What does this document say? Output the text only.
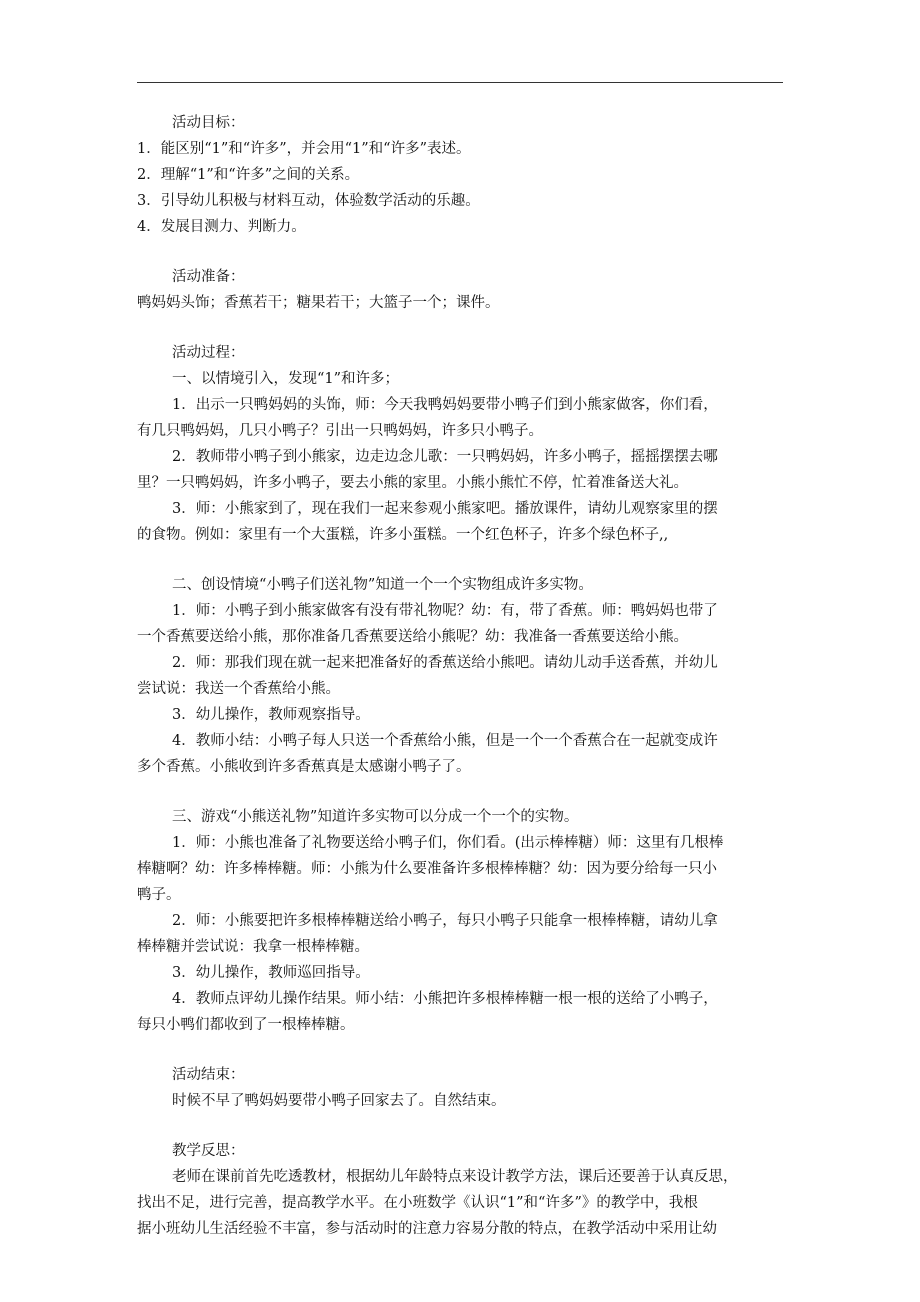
活动目标：

1．能区别“1”和“许多”，并会用“1”和“许多”表述。

2．理解“1”和“许多”之间的关系。

3．引导幼儿积极与材料互动，体验数学活动的乐趣。

4．发展目测力、判断力。

活动准备：

鸭妈妈头饰；香蕉若干；糖果若干；大篮子一个；课件。

活动过程：

一、以情境引入，发现“1”和许多；

1．出示一只鸭妈妈的头饰，师：今天我鸭妈妈要带小鸭子们到小熊家做客，你们看，

有几只鸭妈妈，几只小鸭子？引出一只鸭妈妈，许多只小鸭子。

2．教师带小鸭子到小熊家，边走边念儿歌：一只鸭妈妈，许多小鸭子，摇摇摆摆去哪

里？一只鸭妈妈，许多小鸭子，要去小熊的家里。小熊小熊忙不停，忙着准备送大礼。

3．师：小熊家到了，现在我们一起来参观小熊家吧。播放课件，请幼儿观察家里的摆

的食物。例如：家里有一个大蛋糕，许多小蛋糕。一个红色杯子，许多个绿色杯子,,

二、创设情境“小鸭子们送礼物”知道一个一个实物组成许多实物。

1．师：小鸭子到小熊家做客有没有带礼物呢？幼：有，带了香蕉。师：鸭妈妈也带了

一个香蕉要送给小熊，那你准备几香蕉要送给小熊呢？幼：我准备一香蕉要送给小熊。

2．师：那我们现在就一起来把准备好的香蕉送给小熊吧。请幼儿动手送香蕉，并幼儿

尝试说：我送一个香蕉给小熊。

3．幼儿操作，教师观察指导。

4．教师小结：小鸭子每人只送一个香蕉给小熊，但是一个一个香蕉合在一起就变成许

多个香蕉。小熊收到许多香蕉真是太感谢小鸭子了。

三、游戏“小熊送礼物”知道许多实物可以分成一个一个的实物。

1．师：小熊也准备了礼物要送给小鸭子们，你们看。(出示棒棒糖）师：这里有几根棒

棒糖啊？幼：许多棒棒糖。师：小熊为什么要准备许多根棒棒糖？幼：因为要分给每一只小

鸭子。

2．师：小熊要把许多根棒棒糖送给小鸭子，每只小鸭子只能拿一根棒棒糖，请幼儿拿

棒棒糖并尝试说：我拿一根棒棒糖。

3．幼儿操作，教师巡回指导。

4．教师点评幼儿操作结果。师小结：小熊把许多根棒棒糖一根一根的送给了小鸭子，

每只小鸭们都收到了一根棒棒糖。

活动结束：

时候不早了鸭妈妈要带小鸭子回家去了。自然结束。

教学反思：

老师在课前首先吃透教材，根据幼儿年龄特点来设计教学方法，课后还要善于认真反思，

找出不足，进行完善，提高教学水平。在小班数学《认识“1”和“许多”》的教学中，我根

据小班幼儿生活经验不丰富，参与活动时的注意力容易分散的特点，在教学活动中采用让幼
